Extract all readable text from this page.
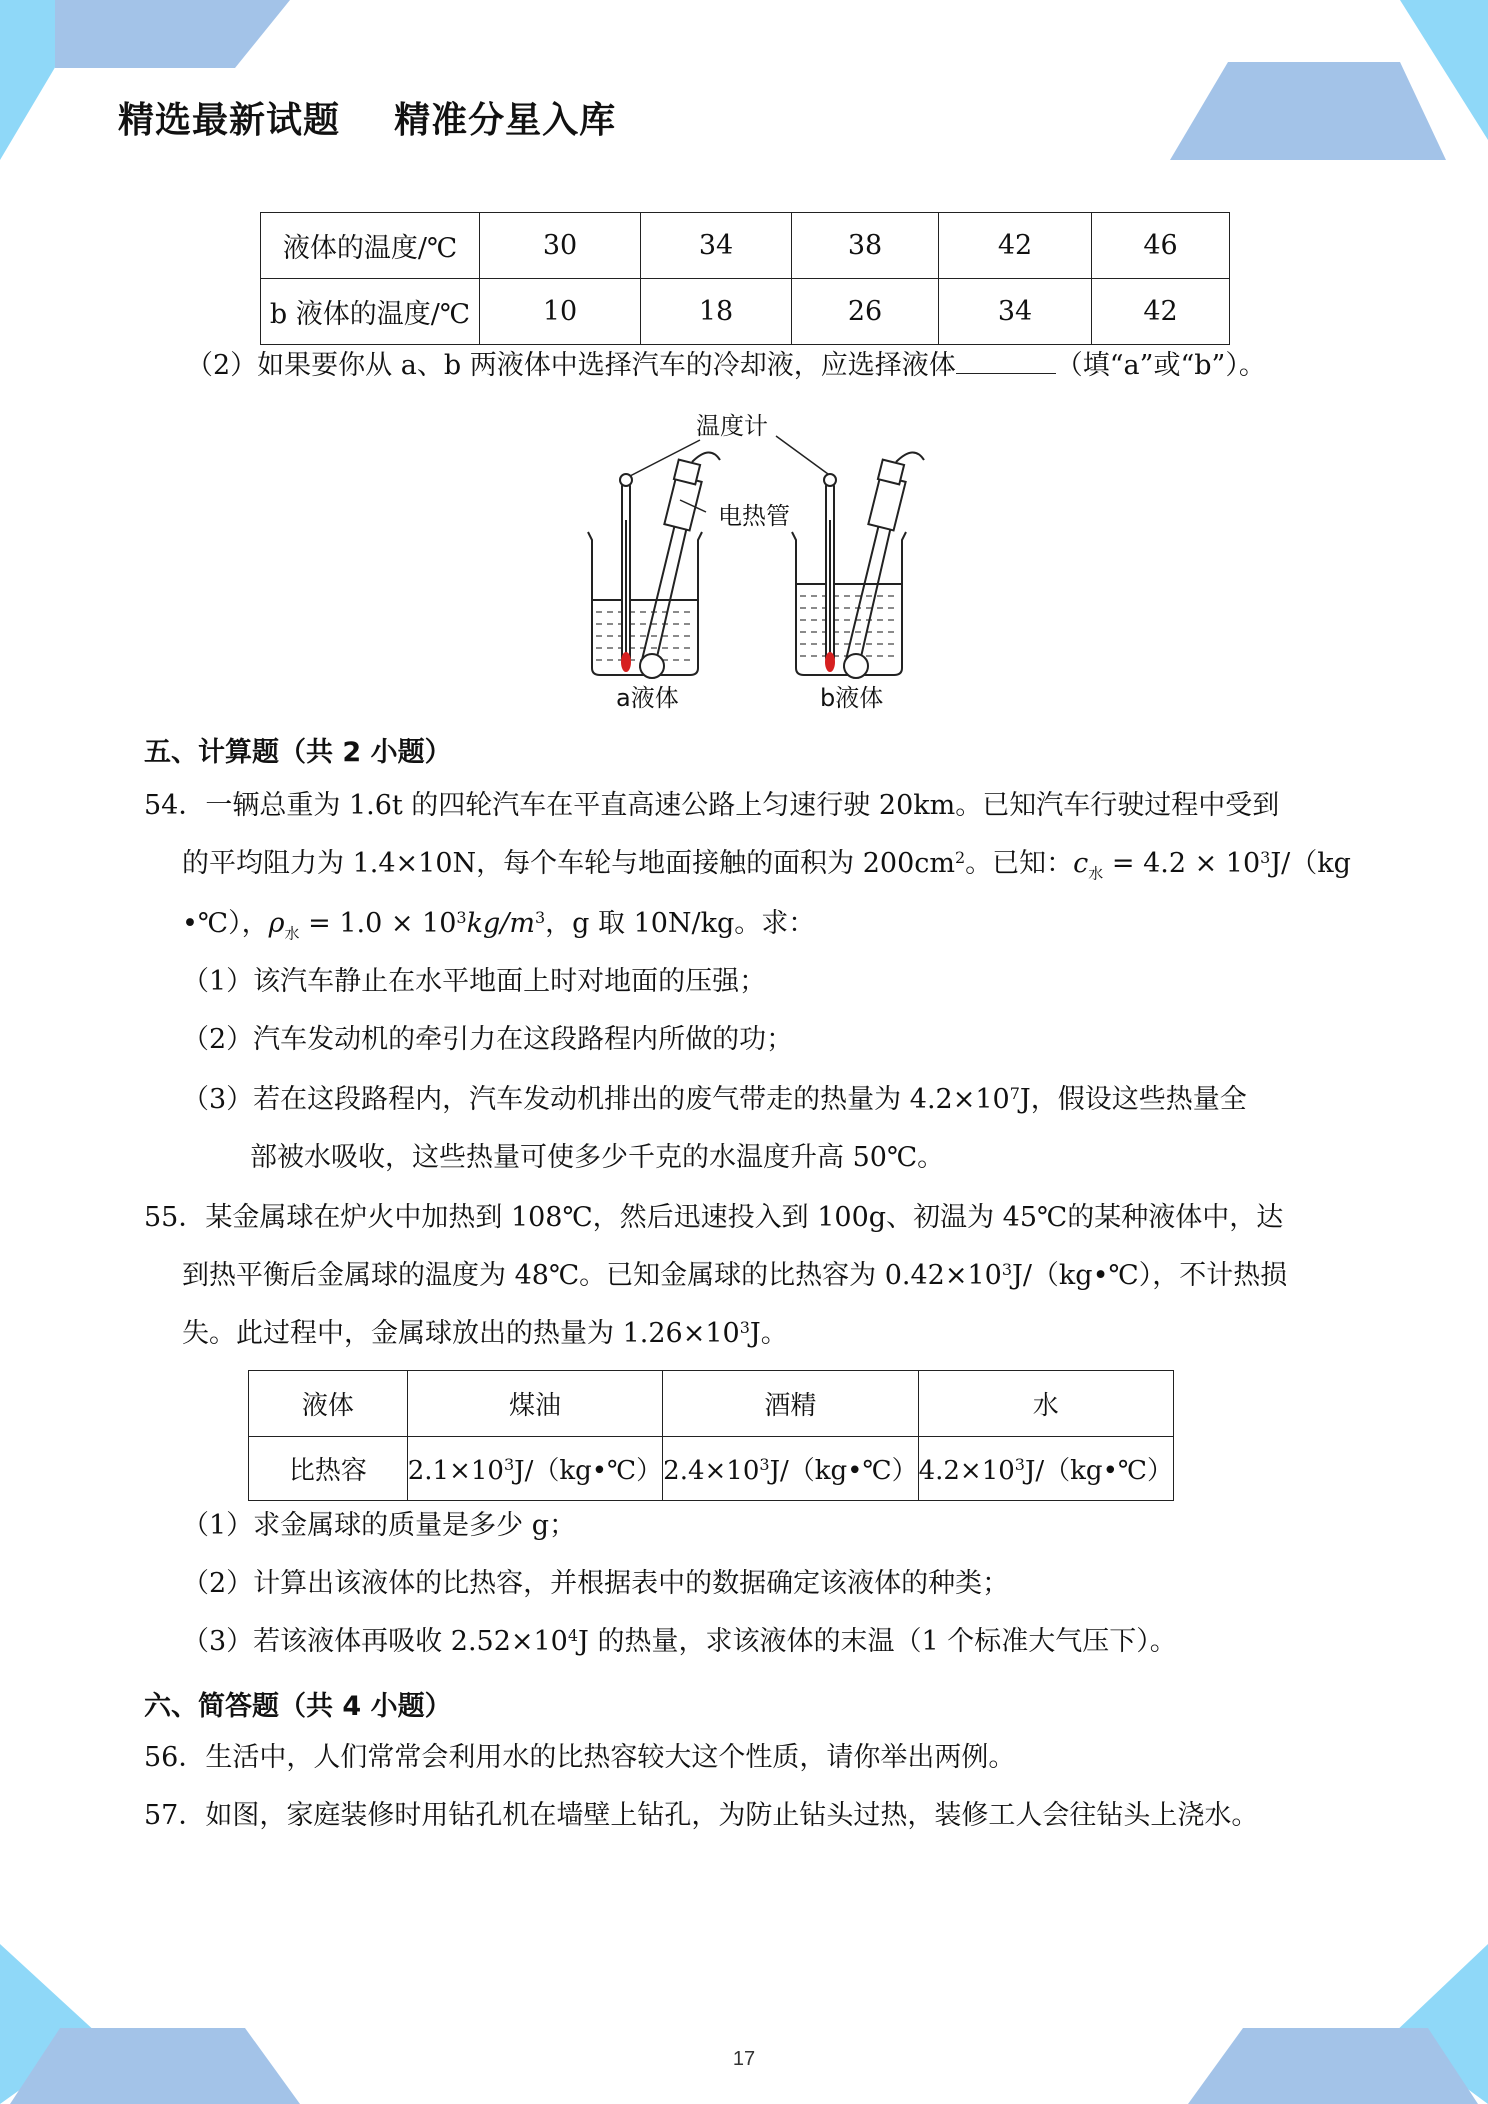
精选最新试题    精准分星入库
液体的温度/℃	30	34	38	42	46
b 液体的温度/℃	10	18	26	34	42
（2）如果要你从 a、b 两液体中选择汽车的冷却液，应选择液体	（填“a”或“b”）。
温度计
电热管
a液体	b液体
五、计算题（共 2 小题）
54．一辆总重为 1.6t 的四轮汽车在平直高速公路上匀速行驶 20km。已知汽车行驶过程中受到
的平均阻力为 1.4×10N，每个车轮与地面接触的面积为 $200cm^2$。已知：$c_水 = 4.2 \times 10^3J/(kg$
•℃），$\rho_水 = 1.0 \times 10^3kg/m^3$，g 取 10N/kg。求：
（1）该汽车静止在水平地面上时对地面的压强；
（2）汽车发动机的牵引力在这段路程内所做的功；
（3）若在这段路程内，汽车发动机排出的废气带走的热量为 $4.2\times 10^7J$，假设这些热量全
部被水吸收，这些热量可使多少千克的水温度升高 50℃。
55．某金属球在炉火中加热到 108℃，然后迅速投入到 100g、初温为 45℃的某种液体中，达
到热平衡后金属球的温度为 48℃。已知金属球的比热容为 $0.42\times 10^3J/(kg•℃)$，不计热损
失。此过程中，金属球放出的热量为 $1.26\times 10^3J$。
液体	煤油	酒精	水
比热容	$2.1\times 10^3J/(kg•℃)$	$2.4\times 10^3J/(kg•℃)$	$4.2\times 10^3J/(kg•℃)$
（1）求金属球的质量是多少 g；
（2）计算出该液体的比热容，并根据表中的数据确定该液体的种类；
（3）若该液体再吸收 $2.52\times 10^4J$ 的热量，求该液体的末温（1 个标准大气压下）。
六、简答题（共 4 小题）
56．生活中，人们常常会利用水的比热容较大这个性质，请你举出两例。
57．如图，家庭装修时用钻孔机在墙壁上钻孔，为防止钻头过热，装修工人会往钻头上浇水。
17
